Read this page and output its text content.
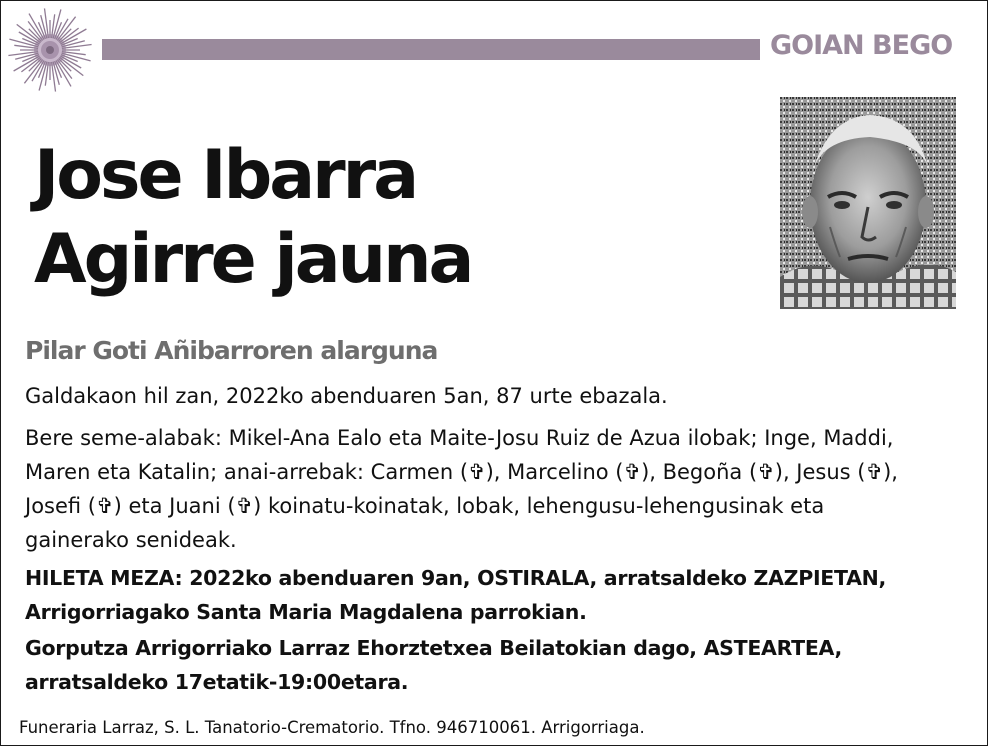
GOIAN BEGO
Jose Ibarra
Agirre jauna
Pilar Goti Añibarroren alarguna
Galdakaon hil zan, 2022ko abenduaren 5an, 87 urte ebazala.
Bere seme-alabak: Mikel-Ana Ealo eta Maite-Josu Ruiz de Azua ilobak; Inge, Maddi,
Maren eta Katalin; anai-arrebak: Carmen (✞), Marcelino (✞), Begoña (✞), Jesus (✞),
Josefi (✞) eta Juani (✞) koinatu-koinatak, lobak, lehengusu-lehengusinak eta
gainerako senideak.
HILETA MEZA: 2022ko abenduaren 9an, OSTIRALA, arratsaldeko ZAZPIETAN,
Arrigorriagako Santa Maria Magdalena parrokian.
Gorputza Arrigorriako Larraz Ehorztetxea Beilatokian dago, ASTEARTEA,
arratsaldeko 17etatik-19:00etara.
Funeraria Larraz, S. L. Tanatorio-Crematorio. Tfno. 946710061. Arrigorriaga.
